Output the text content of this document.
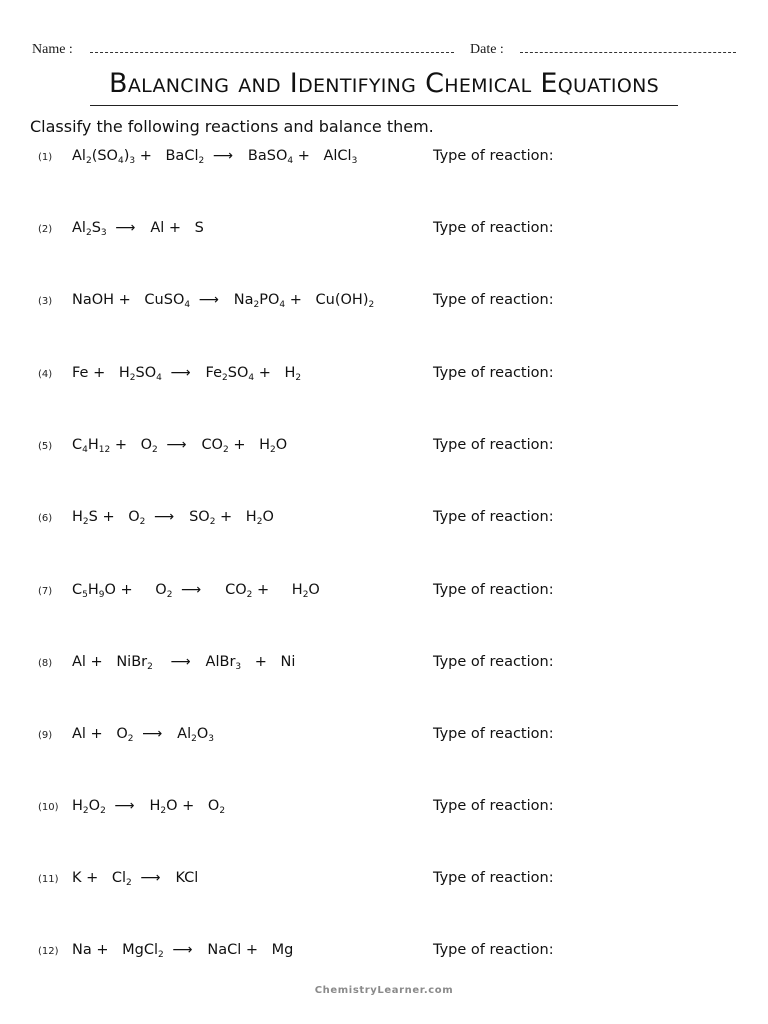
Name :	Date :
Balancing and Identifying Chemical Equations
Classify the following reactions and balance them.
(1) $Al_2(SO_4)_3$ + BaCl$_2$ ⟶ BaSO$_4$ + AlCl$_3$	Type of reaction:
(2) $Al_2S_3$ ⟶ Al + S	Type of reaction:
(3) NaOH + CuSO$_4$ ⟶ $Na_2PO_4 + Cu(OH)_2$	Type of reaction:
(4) $Fe + H_2SO_4$ ⟶ $Fe_2SO_4 + H_2$	Type of reaction:
(5) $C_4H_{12} + O_2$ ⟶ $CO_2 + H_2O$	Type of reaction:
(6) $H_2S + O_2$ ⟶ $SO_2 + H_2O$	Type of reaction:
(7) $C_5H_9O + O_2$ ⟶ $CO_2 + H_2O$	Type of reaction:
(8) Al + NiBr$_2$ ⟶ AlBr$_3$ + Ni	Type of reaction:
(9) $Al + O_2$ ⟶ $Al_2O_3$	Type of reaction:
(10) $H_2O_2$ ⟶ $H_2O + O_2$	Type of reaction:
(11) $K + Cl_2$ ⟶ KCl	Type of reaction:
(12) Na + MgCl$_2$ ⟶ NaCl + Mg	Type of reaction:
ChemistryLearner.com
